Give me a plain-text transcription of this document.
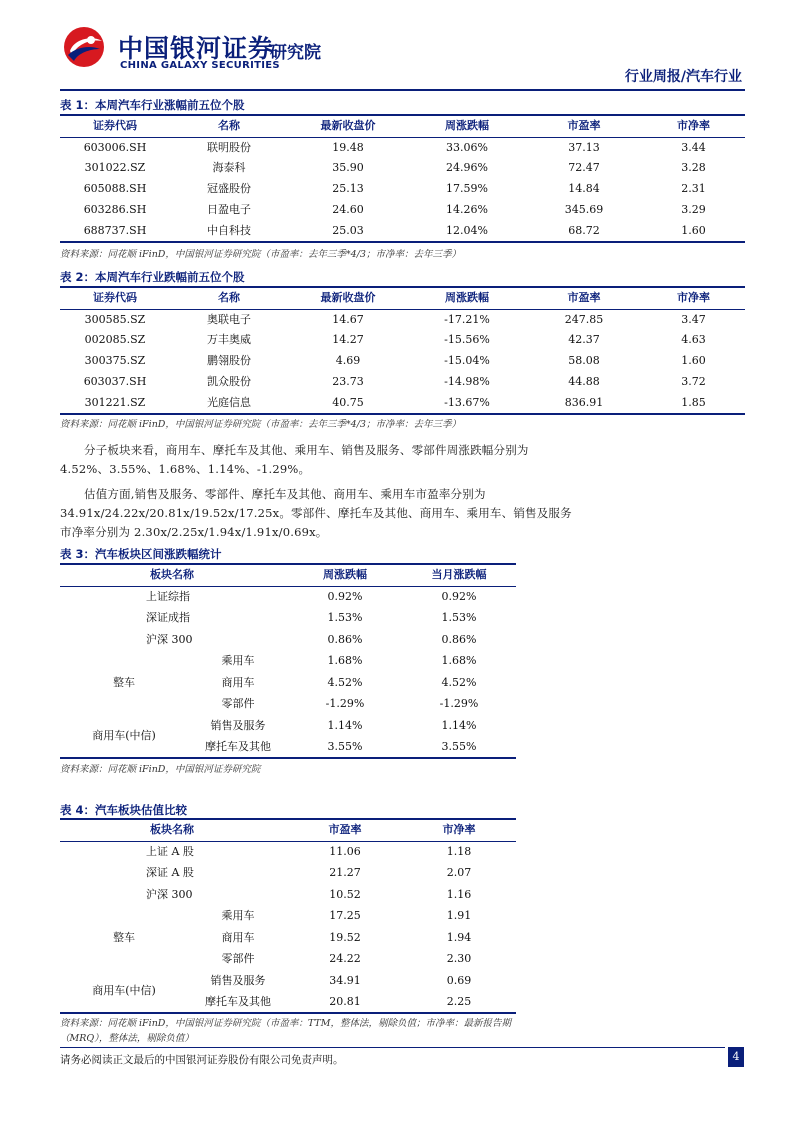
中国银河证券
研究院
CHINA GALAXY SECURITIES
行业周报/汽车行业
表 1：本周汽车行业涨幅前五位个股
证券代码	名称	最新收盘价	周涨跌幅	市盈率	市净率
603006.SH	联明股份	19.48	33.06%	37.13	3.44
301022.SZ	海泰科	35.90	24.96%	72.47	3.28
605088.SH	冠盛股份	25.13	17.59%	14.84	2.31
603286.SH	日盈电子	24.60	14.26%	345.69	3.29
688737.SH	中自科技	25.03	12.04%	68.72	1.60
资料来源：同花顺 iFinD，中国银河证券研究院（市盈率：去年三季*4/3；市净率：去年三季）
表 2：本周汽车行业跌幅前五位个股
证券代码	名称	最新收盘价	周涨跌幅	市盈率	市净率
300585.SZ	奥联电子	14.67	-17.21%	247.85	3.47
002085.SZ	万丰奥威	14.27	-15.56%	42.37	4.63
300375.SZ	鹏翎股份	4.69	-15.04%	58.08	1.60
603037.SH	凯众股份	23.73	-14.98%	44.88	3.72
301221.SZ	光庭信息	40.75	-13.67%	836.91	1.85
资料来源：同花顺 iFinD，中国银河证券研究院（市盈率：去年三季*4/3；市净率：去年三季）

分子板块来看，商用车、摩托车及其他、乘用车、销售及服务、零部件周涨跌幅分别为

4.52%、3.55%、1.68%、1.14%、-1.29%。

估值方面,销售及服务、零部件、摩托车及其他、商用车、乘用车市盈率分别为

34.91x/24.22x/20.81x/19.52x/17.25x。零部件、摩托车及其他、商用车、乘用车、销售及服务

市净率分别为 2.30x/2.25x/1.94x/1.91x/0.69x。

表 3：汽车板块区间涨跌幅统计
板块名称		周涨跌幅	当月涨跌幅
上证综指		0.92%	0.92%
深证成指		1.53%	1.53%
沪深 300		0.86%	0.86%
整车	乘用车	1.68%	1.68%
	商用车	4.52%	4.52%
	零部件	-1.29%	-1.29%
商用车(中信)	销售及服务	1.14%	1.14%
	摩托车及其他	3.55%	3.55%
资料来源：同花顺 iFinD，中国银河证券研究院
表 4：汽车板块估值比较
板块名称		市盈率	市净率
上证 A 股		11.06	1.18
深证 A 股		21.27	2.07
沪深 300		10.52	1.16
整车	乘用车	17.25	1.91
	商用车	19.52	1.94
	零部件	24.22	2.30
商用车(中信)	销售及服务	34.91	0.69
	摩托车及其他	20.81	2.25
资料来源：同花顺 iFinD，中国银河证券研究院（市盈率：TTM，整体法，剔除负值；市净率：最新报告期（MRQ），整体法，剔除负值）
请务必阅读正文最后的中国银河证券股份有限公司免责声明。	4
